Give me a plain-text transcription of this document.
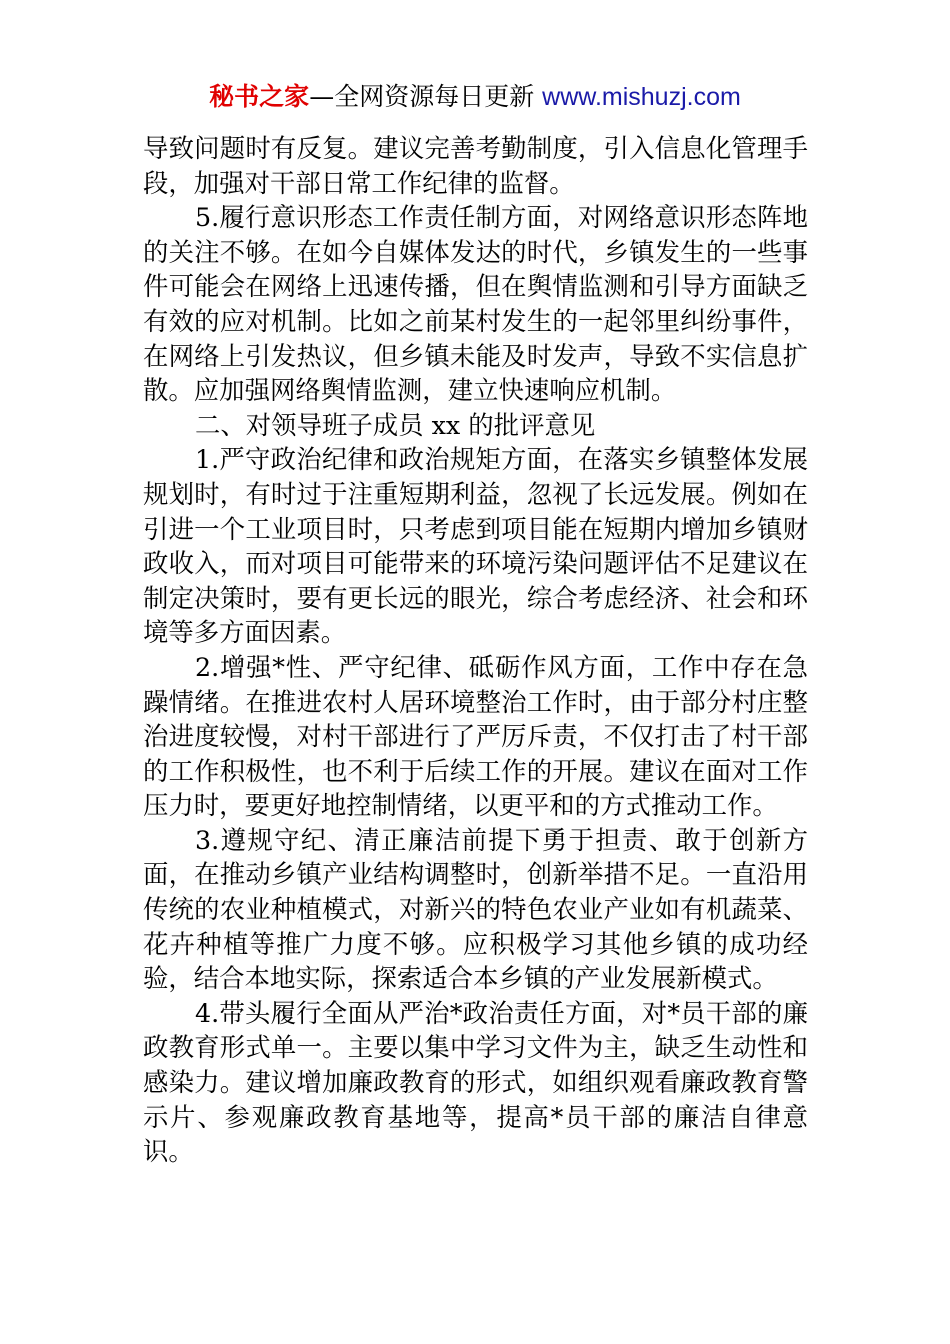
秘书之家—全网资源每日更新 www.mishuzj.com

导致问题时有反复。建议完善考勤制度，引入信息化管理手段，加强对干部日常工作纪律的监督。

5.履行意识形态工作责任制方面，对网络意识形态阵地的关注不够。在如今自媒体发达的时代，乡镇发生的一些事件可能会在网络上迅速传播，但在舆情监测和引导方面缺乏有效的应对机制。比如之前某村发生的一起邻里纠纷事件，在网络上引发热议，但乡镇未能及时发声，导致不实信息扩散。应加强网络舆情监测，建立快速响应机制。

二、对领导班子成员 xx 的批评意见

1.严守政治纪律和政治规矩方面，在落实乡镇整体发展规划时，有时过于注重短期利益，忽视了长远发展。例如在引进一个工业项目时，只考虑到项目能在短期内增加乡镇财政收入，而对项目可能带来的环境污染问题评估不足建议在制定决策时，要有更长远的眼光，综合考虑经济、社会和环境等多方面因素。

2.增强*性、严守纪律、砥砺作风方面，工作中存在急躁情绪。在推进农村人居环境整治工作时，由于部分村庄整治进度较慢，对村干部进行了严厉斥责，不仅打击了村干部的工作积极性，也不利于后续工作的开展。建议在面对工作压力时，要更好地控制情绪，以更平和的方式推动工作。

3.遵规守纪、清正廉洁前提下勇于担责、敢于创新方面，在推动乡镇产业结构调整时，创新举措不足。一直沿用传统的农业种植模式，对新兴的特色农业产业如有机蔬菜、花卉种植等推广力度不够。应积极学习其他乡镇的成功经验，结合本地实际，探索适合本乡镇的产业发展新模式。

4.带头履行全面从严治*政治责任方面，对*员干部的廉政教育形式单一。主要以集中学习文件为主，缺乏生动性和感染力。建议增加廉政教育的形式，如组织观看廉政教育警示片、参观廉政教育基地等，提高*员干部的廉洁自律意识。
